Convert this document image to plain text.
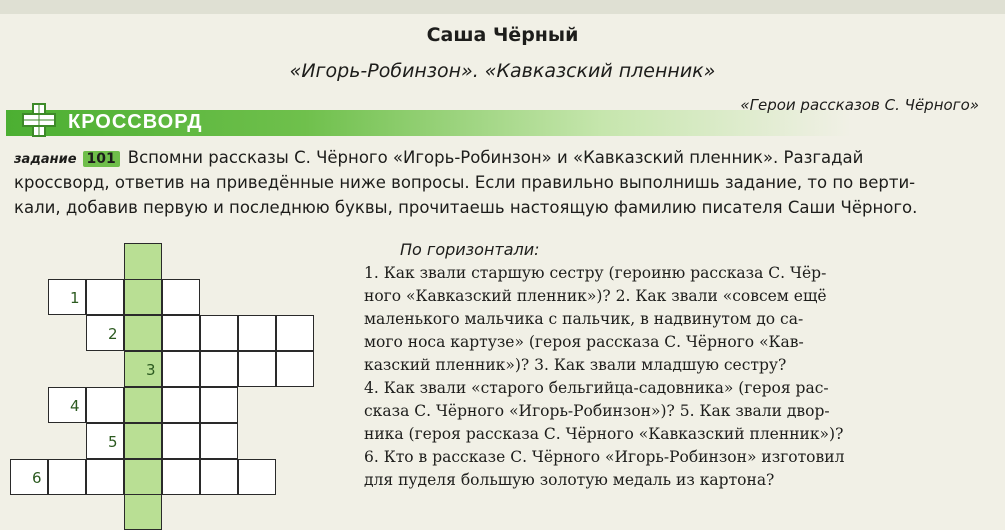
Саша Чёрный
«Игорь-Робинзон». «Кавказский пленник»
КРОССВОРД
«Герои рассказов С. Чёрного»
задание 101 Вспомни рассказы С. Чёрного «Игорь-Робинзон» и «Кавказский пленник». Разгадай
кроссворд, ответив на приведённые ниже вопросы. Если правильно выполнишь задание, то по верти-
кали, добавив первую и последнюю буквы, прочитаешь настоящую фамилию писателя Саши Чёрного.
1
2
3
4
5
6
По горизонтали:
1. Как звали старшую сестру (героиню рассказа С. Чёр-
ного «Кавказский пленник»)? 2. Как звали «совсем ещё
маленького мальчика с пальчик, в надвинутом до са-
мого носа картузе» (героя рассказа С. Чёрного «Кав-
казский пленник»)? 3. Как звали младшую сестру?
4. Как звали «старого бельгийца-садовника» (героя рас-
сказа С. Чёрного «Игорь-Робинзон»)? 5. Как звали двор-
ника (героя рассказа С. Чёрного «Кавказский пленник»)?
6. Кто в рассказе С. Чёрного «Игорь-Робинзон» изготовил
для пуделя большую золотую медаль из картона?
